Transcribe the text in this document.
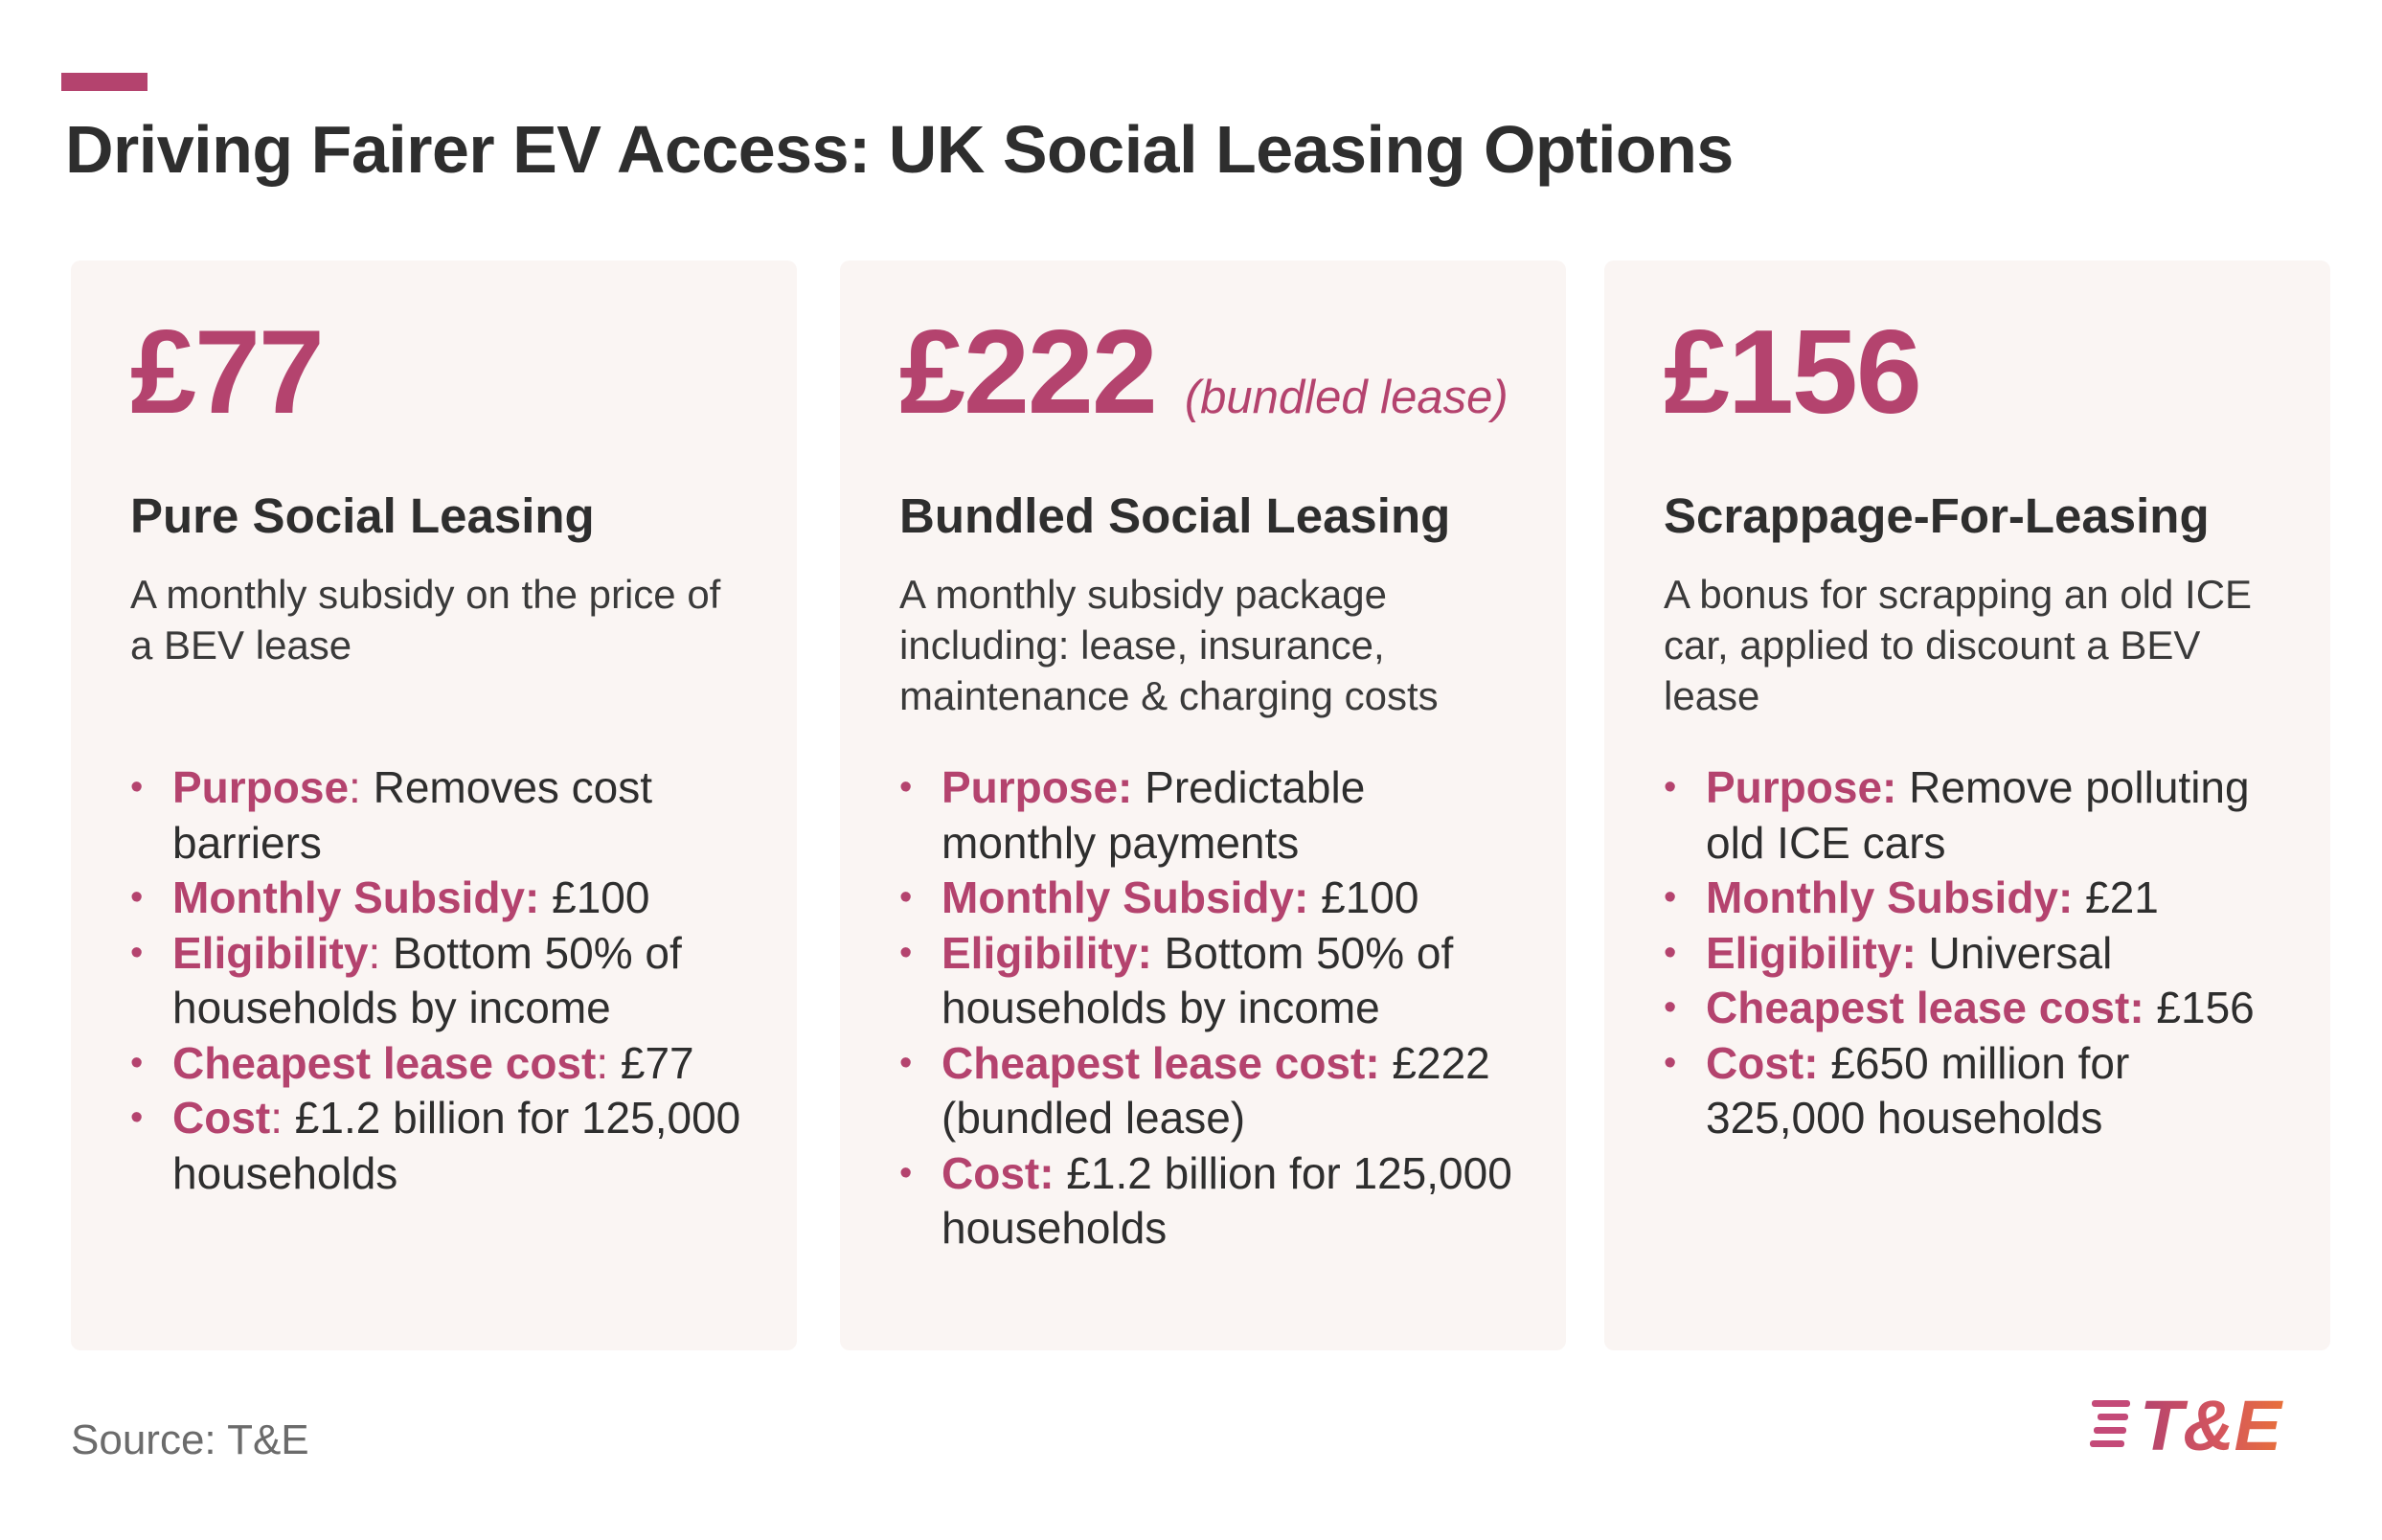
Driving Fairer EV Access: UK Social Leasing Options
£77
Pure Social Leasing

A monthly subsidy on the price of a BEV lease

• Purpose: Removes cost barriers
• Monthly Subsidy: £100
• Eligibility: Bottom 50% of households by income
• Cheapest lease cost: £77
• Cost: £1.2 billion for 125,000 households
£222 (bundled lease)
Bundled Social Leasing

A monthly subsidy package including: lease, insurance, maintenance & charging costs

• Purpose: Predictable monthly payments
• Monthly Subsidy: £100
• Eligibility: Bottom 50% of households by income
• Cheapest lease cost: £222 (bundled lease)
• Cost: £1.2 billion for 125,000 households
£156
Scrappage-For-Leasing

A bonus for scrapping an old ICE car, applied to discount a BEV lease

• Purpose: Remove polluting old ICE cars
• Monthly Subsidy: £21
• Eligibility: Universal
• Cheapest lease cost: £156
• Cost: £650 million for 325,000 households
Source: T&E	T&E
